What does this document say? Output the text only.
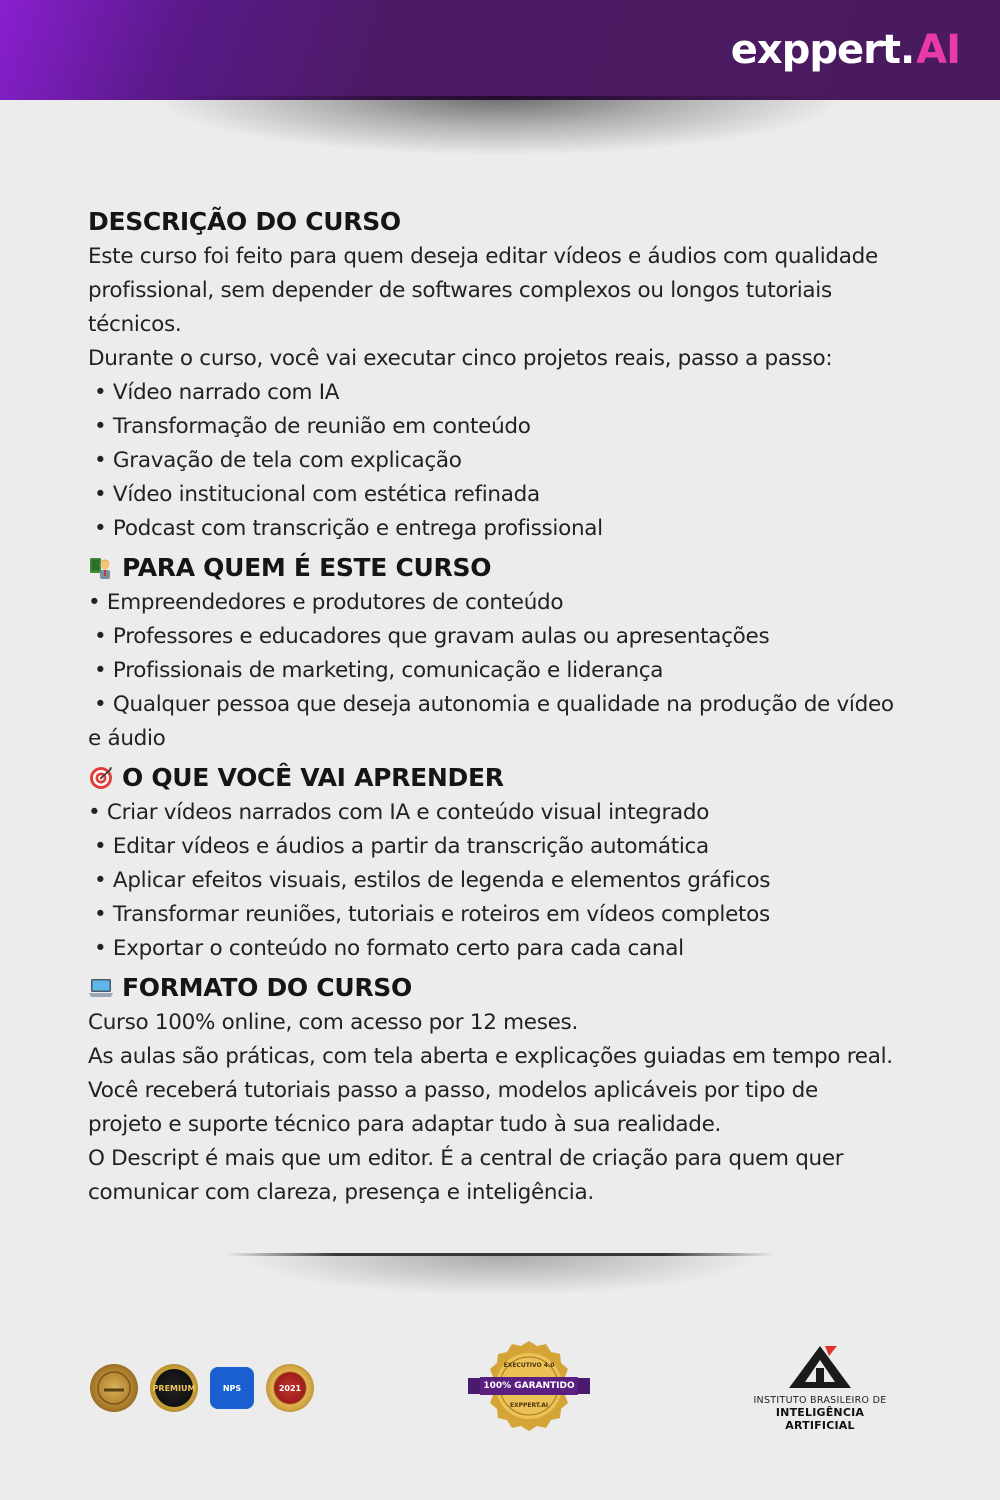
exppert. AI
DESCRIÇÃO DO CURSO

Este curso foi feito para quem deseja editar vídeos e áudios com qualidade

profissional, sem depender de softwares complexos ou longos tutoriais

técnicos.

Durante o curso, você vai executar cinco projetos reais, passo a passo:

• Vídeo narrado com IA

• Transformação de reunião em conteúdo

• Gravação de tela com explicação

• Vídeo institucional com estética refinada

• Podcast com transcrição e entrega profissional

PARA QUEM É ESTE CURSO

• Empreendedores e produtores de conteúdo

• Professores e educadores que gravam aulas ou apresentações

• Profissionais de marketing, comunicação e liderança

• Qualquer pessoa que deseja autonomia e qualidade na produção de vídeo

e áudio

O QUE VOCÊ VAI APRENDER

• Criar vídeos narrados com IA e conteúdo visual integrado

• Editar vídeos e áudios a partir da transcrição automática

• Aplicar efeitos visuais, estilos de legenda e elementos gráficos

• Transformar reuniões, tutoriais e roteiros em vídeos completos

• Exportar o conteúdo no formato certo para cada canal

FORMATO DO CURSO

Curso 100% online, com acesso por 12 meses.

As aulas são práticas, com tela aberta e explicações guiadas em tempo real.

Você receberá tutoriais passo a passo, modelos aplicáveis por tipo de

projeto e suporte técnico para adaptar tudo à sua realidade.

O Descript é mais que um editor. É a central de criação para quem quer

comunicar com clareza, presença e inteligência.

PREMIUM	NPS	2021
EXECUTIVO 4.0
100% GARANTIDO
EXPPERT.AI	INSTITUTO BRASILEIRO DE
INTELIGÊNCIA ARTIFICIAL
